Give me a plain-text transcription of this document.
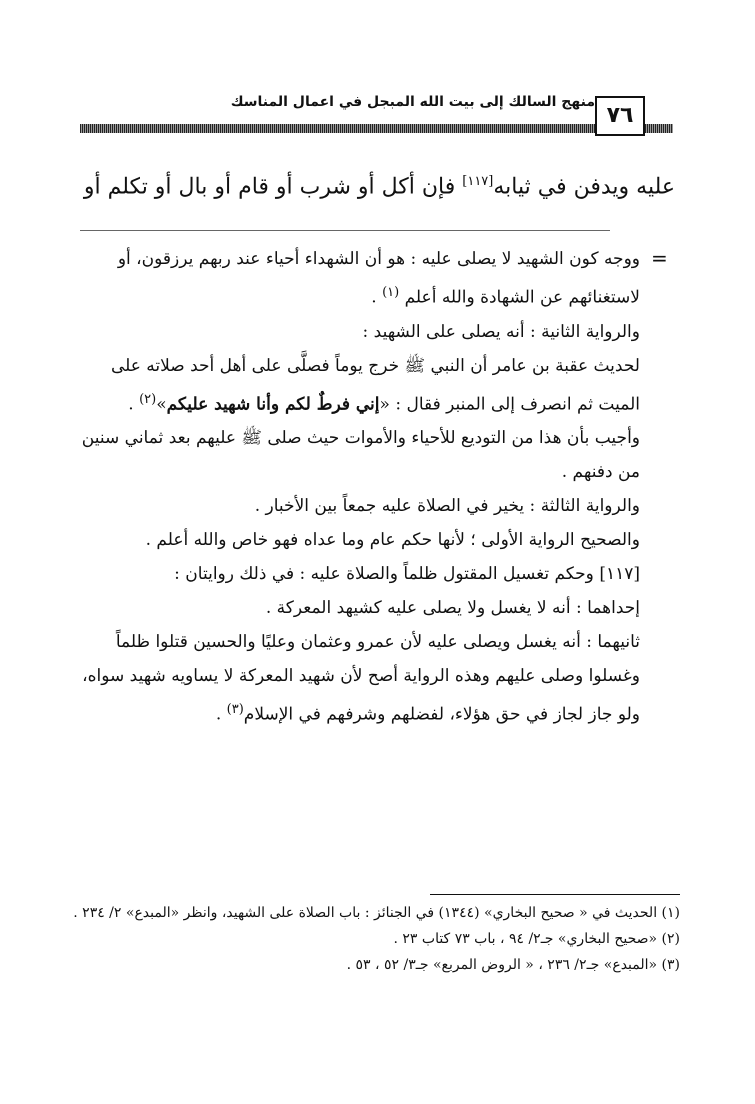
منهج السالك إلى بيت الله المبجل في اعمال المناسك
٧٦
عليه ويدفن في ثيابه[١١٧] فإن أكل أو شرب أو قام أو بال أو تكلم أو
=

ووجه كون الشهيد لا يصلى عليه : هو أن الشهداء أحياء عند ربهم يرزقون، أو لاستغنائهم عن الشهادة والله أعلم $^{(١)}$ .

والرواية الثانية : أنه يصلى على الشهيد :

لحديث عقبة بن عامر أن النبي ﷺ خرج يوماً فصلَّى على أهل أحد صلاته على الميت ثم انصرف إلى المنبر فقال : «إني فرطٌ لكم وأنا شهيد عليكم»$^{(٢)}$ .

وأجيب بأن هذا من التوديع للأحياء والأموات حيث صلى ﷺ عليهم بعد ثماني سنين من دفنهم .

والرواية الثالثة : يخير في الصلاة عليه جمعاً بين الأخبار .

والصحيح الرواية الأولى ؛ لأنها حكم عام وما عداه فهو خاص والله أعلم .

[١١٧] وحكم تغسيل المقتول ظلماً والصلاة عليه : في ذلك روايتان :

إحداهما : أنه لا يغسل ولا يصلى عليه كشيهد المعركة .

ثانيهما : أنه يغسل ويصلى عليه لأن عمرو وعثمان وعليًا والحسين قتلوا ظلماً وغسلوا وصلى عليهم وهذه الرواية أصح لأن شهيد المعركة لا يساويه شهيد سواه، ولو جاز لجاز في حق هؤلاء، لفضلهم وشرفهم في الإسلام$^{(٣)}$ .

(١) الحديث في « صحيح البخاري» (١٣٤٤) في الجنائز : باب الصلاة على الشهيد، وانظر «المبدع» ٢/ ٢٣٤ .

(٢) «صحيح البخاري» جـ٢/ ٩٤ ، باب ٧٣ كتاب ٢٣ .

(٣) «المبدع» جـ٢/ ٢٣٦ ، « الروض المربع» جـ٣/ ٥٢ ، ٥٣ .
